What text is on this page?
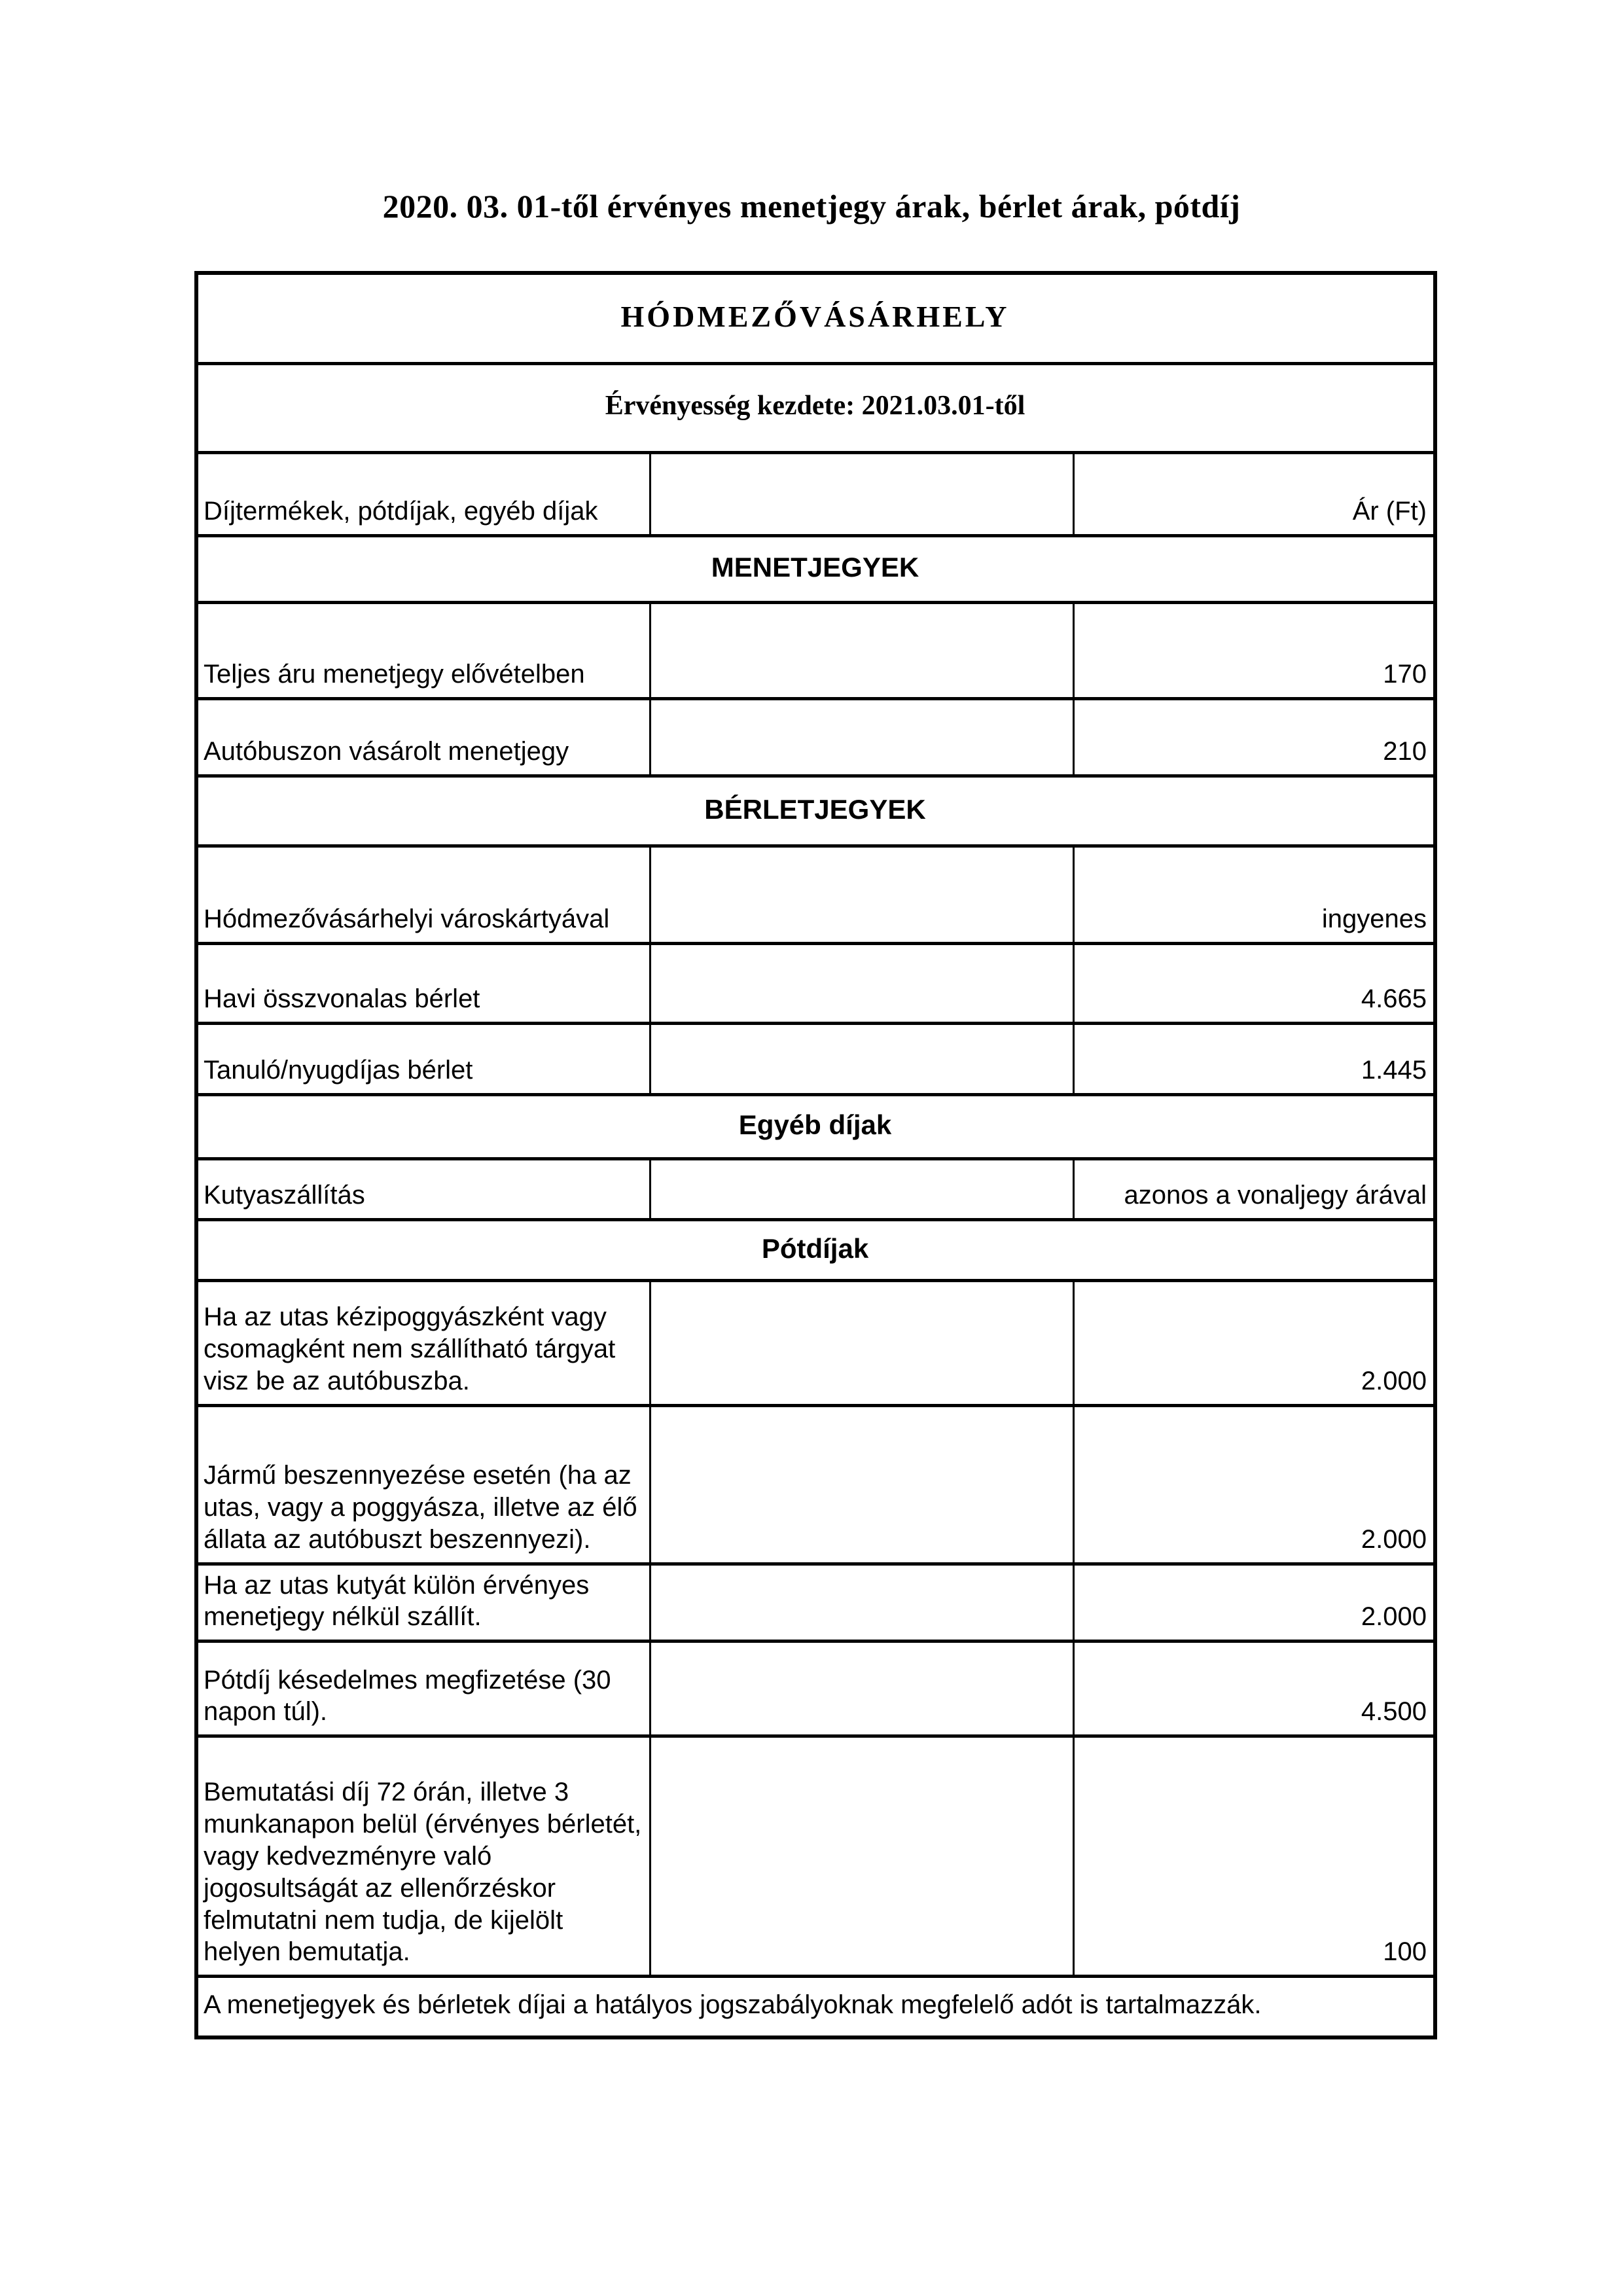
2020. 03. 01-től érvényes menetjegy árak, bérlet árak, pótdíj
HÓDMEZŐVÁSÁRHELY		
Érvényesség kezdete: 2021.03.01-től		
Díjtermékek, pótdíjak, egyéb díjak		Ár (Ft)
MENETJEGYEK		
Teljes áru menetjegy elővételben		170
Autóbuszon vásárolt menetjegy		210
BÉRLETJEGYEK		
Hódmezővásárhelyi városkártyával		ingyenes
Havi összvonalas bérlet		4.665
Tanuló/nyugdíjas bérlet		1.445
Egyéb díjak		
Kutyaszállítás		azonos a vonaljegy árával
Pótdíjak		
Ha az utas kézipoggyászként vagy csomagként nem szállítható tárgyat visz be az autóbuszba.		2.000
Jármű beszennyezése esetén (ha az utas, vagy a poggyásza, illetve az élő állata az autóbuszt beszennyezi).		2.000
Ha az utas kutyát külön érvényes menetjegy nélkül szállít.		2.000
Pótdíj késedelmes megfizetése (30 napon túl).		4.500
Bemutatási díj 72 órán, illetve 3 munkanapon belül (érvényes bérletét, vagy kedvezményre való jogosultságát az ellenőrzéskor felmutatni nem tudja, de kijelölt helyen bemutatja.		100
A menetjegyek és bérletek díjai a hatályos jogszabályoknak megfelelő adót is tartalmazzák.		
